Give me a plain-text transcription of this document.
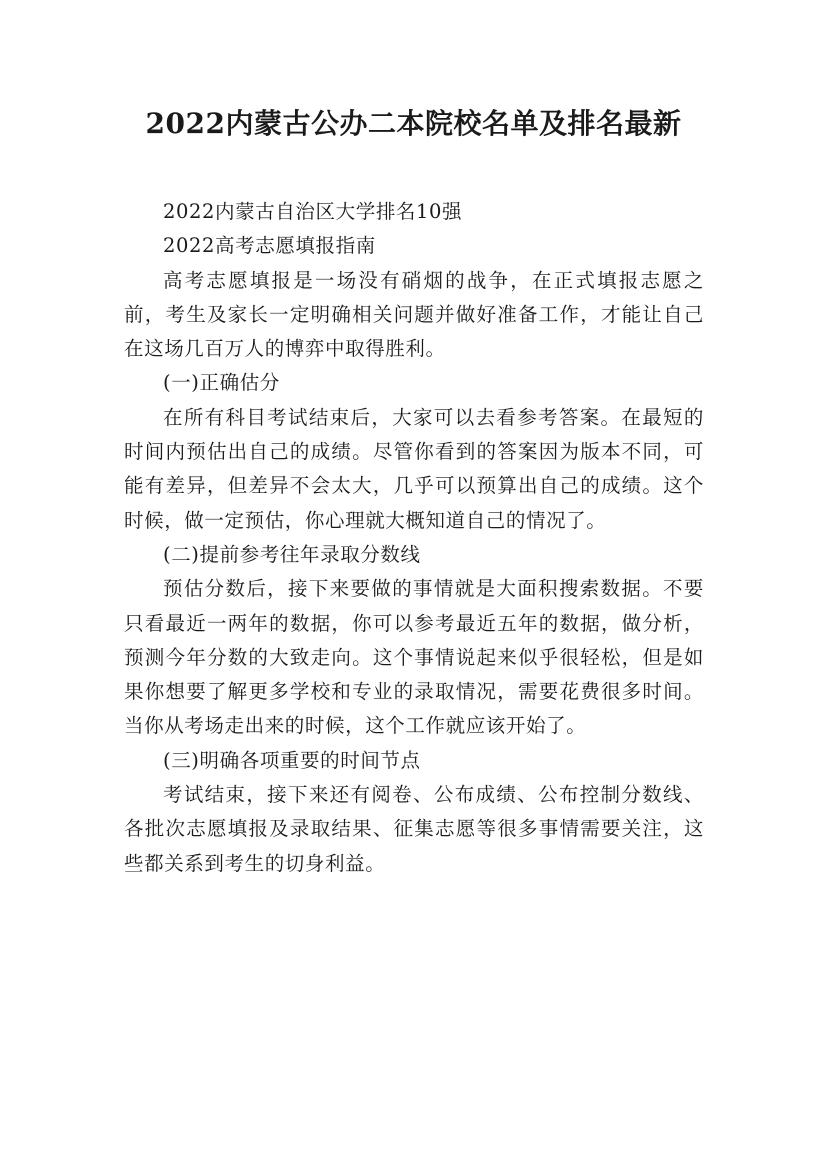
2022内蒙古公办二本院校名单及排名最新

2022内蒙古自治区大学排名10强

2022高考志愿填报指南

高考志愿填报是一场没有硝烟的战争，在正式填报志愿之前，考生及家长一定明确相关问题并做好准备工作，才能让自己在这场几百万人的博弈中取得胜利。

(一)正确估分

在所有科目考试结束后，大家可以去看参考答案。在最短的时间内预估出自己的成绩。尽管你看到的答案因为版本不同，可能有差异，但差异不会太大，几乎可以预算出自己的成绩。这个时候，做一定预估，你心理就大概知道自己的情况了。

(二)提前参考往年录取分数线

预估分数后，接下来要做的事情就是大面积搜索数据。不要只看最近一两年的数据，你可以参考最近五年的数据，做分析，预测今年分数的大致走向。这个事情说起来似乎很轻松，但是如果你想要了解更多学校和专业的录取情况，需要花费很多时间。当你从考场走出来的时候，这个工作就应该开始了。

(三)明确各项重要的时间节点

考试结束，接下来还有阅卷、公布成绩、公布控制分数线、各批次志愿填报及录取结果、征集志愿等很多事情需要关注，这些都关系到考生的切身利益。
